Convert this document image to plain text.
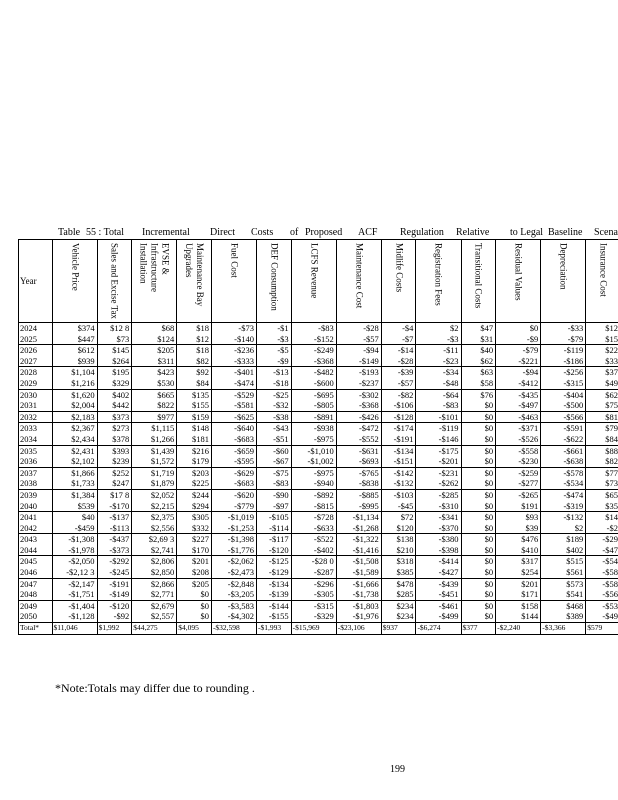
Table 55 : Total Incremental Direct Costs of Proposed ACF Regulation Relative to Legal Baseline Scena
Year	Vehicle Price	Sales and Excise Tax	EVSE & Infrastructure Installation	Maintenance Bay Upgrades	Fuel Cost	DEF Consumption	LCFS Revenue	Maintenance Cost	Midlife Costs	Registration Fees	Transitional Costs	Residual Values	Depreciation	Insurance Cost

2024	$374	$12 8	$68	$18	-$73	-$1	-$83	-$28	-$4	$2	$47	$0	-$33	$12
2025	$447	$73	$124	$12	-$140	-$3	-$152	-$57	-$7	-$3	$31	-$9	-$79	$15
2026	$612	$145	$205	$18	-$236	-$5	-$249	-$94	-$14	-$11	$40	-$79	-$119	$22
2027	$939	$264	$311	$82	-$333	-$9	-$368	-$149	-$28	-$23	$62	-$221	-$186	$33
2028	$1,104	$195	$423	$92	-$401	-$13	-$482	-$193	-$39	-$34	$63	-$94	-$256	$37
2029	$1,216	$329	$530	$84	-$474	-$18	-$600	-$237	-$57	-$48	$58	-$412	-$315	$49
2030	$1,620	$402	$665	$135	-$529	-$25	-$695	-$302	-$82	-$64	$76	-$435	-$404	$62
2031	$2,004	$442	$822	$155	-$581	-$32	-$805	-$368	-$106	-$83	$0	-$497	-$500	$75
2032	$2,183	$373	$977	$159	-$625	-$38	-$891	-$426	-$128	-$101	$0	-$463	-$566	$81
2033	$2,367	$273	$1,115	$148	-$640	-$43	-$938	-$472	-$174	-$119	$0	-$371	-$591	$79
2034	$2,434	$378	$1,266	$181	-$683	-$51	-$975	-$552	-$191	-$146	$0	-$526	-$622	$84
2035	$2,431	$393	$1,439	$216	-$659	-$60	-$1,010	-$631	-$134	-$175	$0	-$558	-$661	$88
2036	$2,102	$239	$1,572	$179	-$595	-$67	-$1,002	-$693	-$151	-$201	$0	-$230	-$638	$82
2037	$1,866	$252	$1,719	$203	-$629	-$75	-$975	-$765	-$142	-$231	$0	-$259	-$578	$77
2038	$1,733	$247	$1,879	$225	-$683	-$83	-$940	-$838	-$132	-$262	$0	-$277	-$534	$73
2039	$1,384	$17 8	$2,052	$244	-$620	-$90	-$892	-$885	-$103	-$285	$0	-$265	-$474	$65
2040	$539	-$170	$2,215	$294	-$779	-$97	-$815	-$995	-$45	-$310	$0	$191	-$319	$35
2041	$40	-$137	$2,375	$305	-$1,019	-$105	-$728	-$1,134	$72	-$341	$0	$93	-$132	$14
2042	-$459	-$113	$2,556	$332	-$1,253	-$114	-$633	-$1,268	$120	-$370	$0	$39	$2	-$2
2043	-$1,308	-$437	$2,69 3	$227	-$1,398	-$117	-$522	-$1,322	$138	-$380	$0	$476	$189	-$29
2044	-$1,978	-$373	$2,741	$170	-$1,776	-$120	-$402	-$1,416	$210	-$398	$0	$410	$402	-$47
2045	-$2,050	-$292	$2,806	$201	-$2,062	-$125	-$28 0	-$1,508	$318	-$414	$0	$317	$515	-$54
2046	-$2,12 3	-$245	$2,850	$208	-$2,473	-$129	-$287	-$1,589	$385	-$427	$0	$254	$561	-$58
2047	-$2,147	-$191	$2,866	$205	-$2,848	-$134	-$296	-$1,666	$478	-$439	$0	$201	$573	-$58
2048	-$1,751	-$149	$2,771	$0	-$3,205	-$139	-$305	-$1,738	$285	-$451	$0	$171	$541	-$56
2049	-$1,404	-$120	$2,679	$0	-$3,583	-$144	-$315	-$1,803	$234	-$461	$0	$158	$468	-$53
2050	-$1,128	-$92	$2,557	$0	-$4,302	-$155	-$329	-$1,976	$234	-$499	$0	$144	$389	-$49
Total*	$11,046	$1,992	$44,275	$4,095	-$32,598	-$1,993	-$15,969	-$23,106	$937	-$6,274	$377	-$2,240	-$3,366	$579
*Note:Totals may differ due to rounding .
199
